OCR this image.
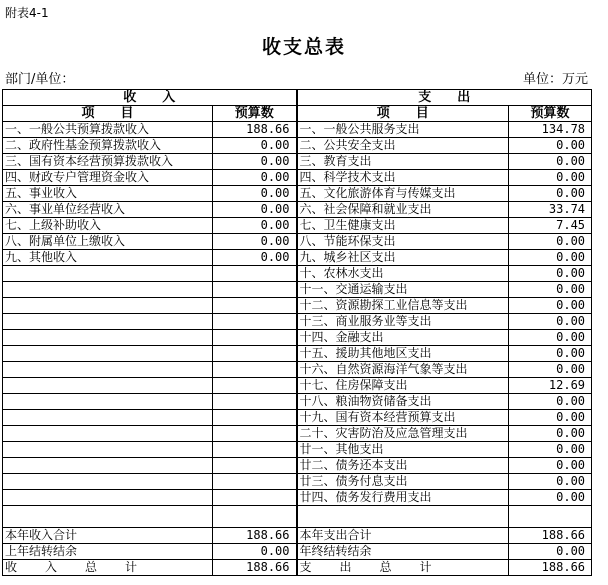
附表4-1
收支总表
部门/单位：	单位：万元
收　　入		支　　出	
项　　目	预算数	项　　目	预算数
一、一般公共预算拨款收入	188.66	一、一般公共服务支出	134.78
二、政府性基金预算拨款收入	0.00	二、公共安全支出	0.00
三、国有资本经营预算拨款收入	0.00	三、教育支出	0.00
四、财政专户管理资金收入	0.00	四、科学技术支出	0.00
五、事业收入	0.00	五、文化旅游体育与传媒支出	0.00
六、事业单位经营收入	0.00	六、社会保障和就业支出	33.74
七、上级补助收入	0.00	七、卫生健康支出	7.45
八、附属单位上缴收入	0.00	八、节能环保支出	0.00
九、其他收入	0.00	九、城乡社区支出	0.00
		十、农林水支出	0.00
		十一、交通运输支出	0.00
		十二、资源勘探工业信息等支出	0.00
		十三、商业服务业等支出	0.00
		十四、金融支出	0.00
		十五、援助其他地区支出	0.00
		十六、自然资源海洋气象等支出	0.00
		十七、住房保障支出	12.69
		十八、粮油物资储备支出	0.00
		十九、国有资本经营预算支出	0.00
		二十、灾害防治及应急管理支出	0.00
		廿一、其他支出	0.00
		廿二、债务还本支出	0.00
		廿三、债务付息支出	0.00
		廿四、债务发行费用支出	0.00

本年收入合计	188.66	本年支出合计	188.66
上年结转结余	0.00	年终结转结余	0.00
收入总计	188.66	支出总计	188.66
